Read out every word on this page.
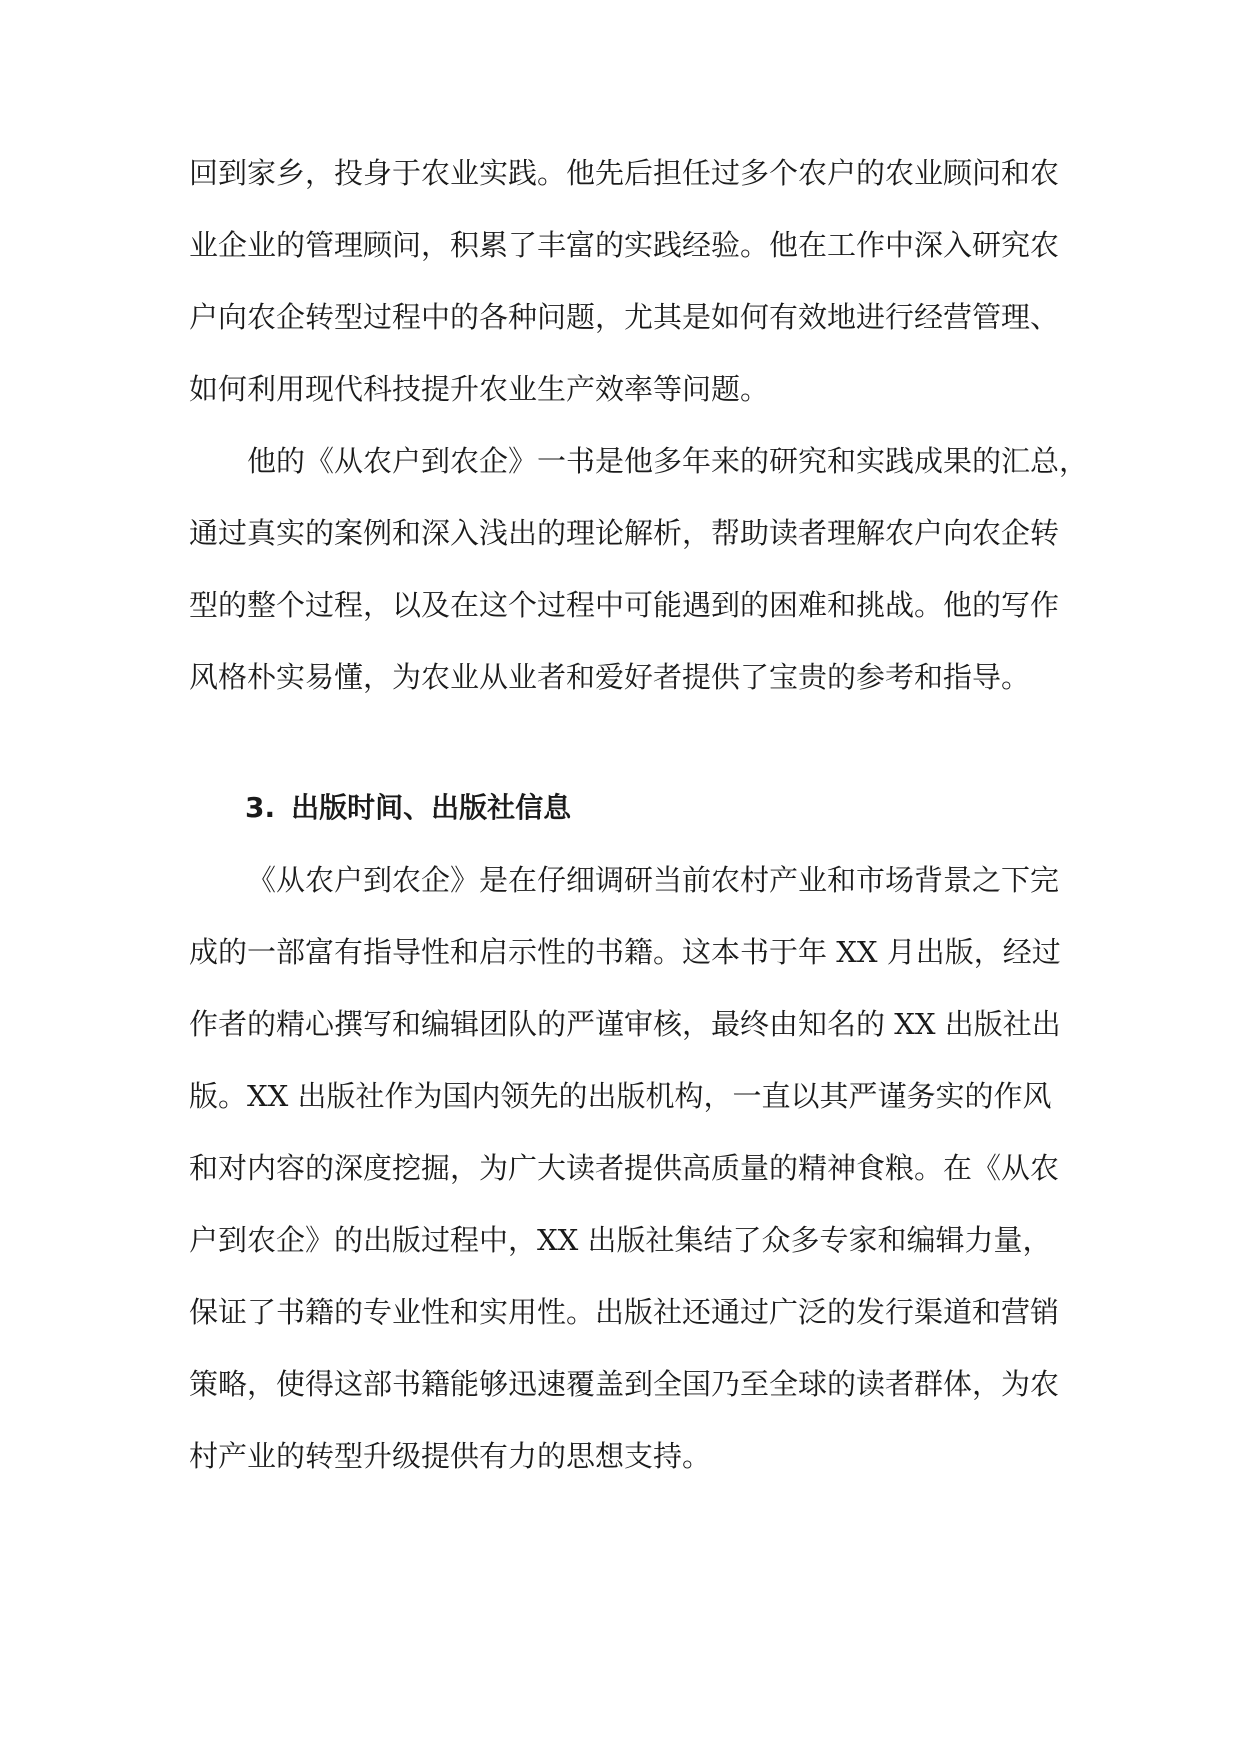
回到家乡，投身于农业实践。他先后担任过多个农户的农业顾问和农
业企业的管理顾问，积累了丰富的实践经验。他在工作中深入研究农
户向农企转型过程中的各种问题，尤其是如何有效地进行经营管理、
如何利用现代科技提升农业生产效率等问题。
他的《从农户到农企》一书是他多年来的研究和实践成果的汇总，
通过真实的案例和深入浅出的理论解析，帮助读者理解农户向农企转
型的整个过程，以及在这个过程中可能遇到的困难和挑战。他的写作
风格朴实易懂，为农业从业者和爱好者提供了宝贵的参考和指导。
3. 出版时间、出版社信息
《从农户到农企》是在仔细调研当前农村产业和市场背景之下完
成的一部富有指导性和启示性的书籍。这本书于年 XX 月出版，经过
作者的精心撰写和编辑团队的严谨审核，最终由知名的 XX 出版社出
版。XX 出版社作为国内领先的出版机构，一直以其严谨务实的作风
和对内容的深度挖掘，为广大读者提供高质量的精神食粮。在《从农
户到农企》的出版过程中，XX 出版社集结了众多专家和编辑力量，
保证了书籍的专业性和实用性。出版社还通过广泛的发行渠道和营销
策略，使得这部书籍能够迅速覆盖到全国乃至全球的读者群体，为农
村产业的转型升级提供有力的思想支持。
